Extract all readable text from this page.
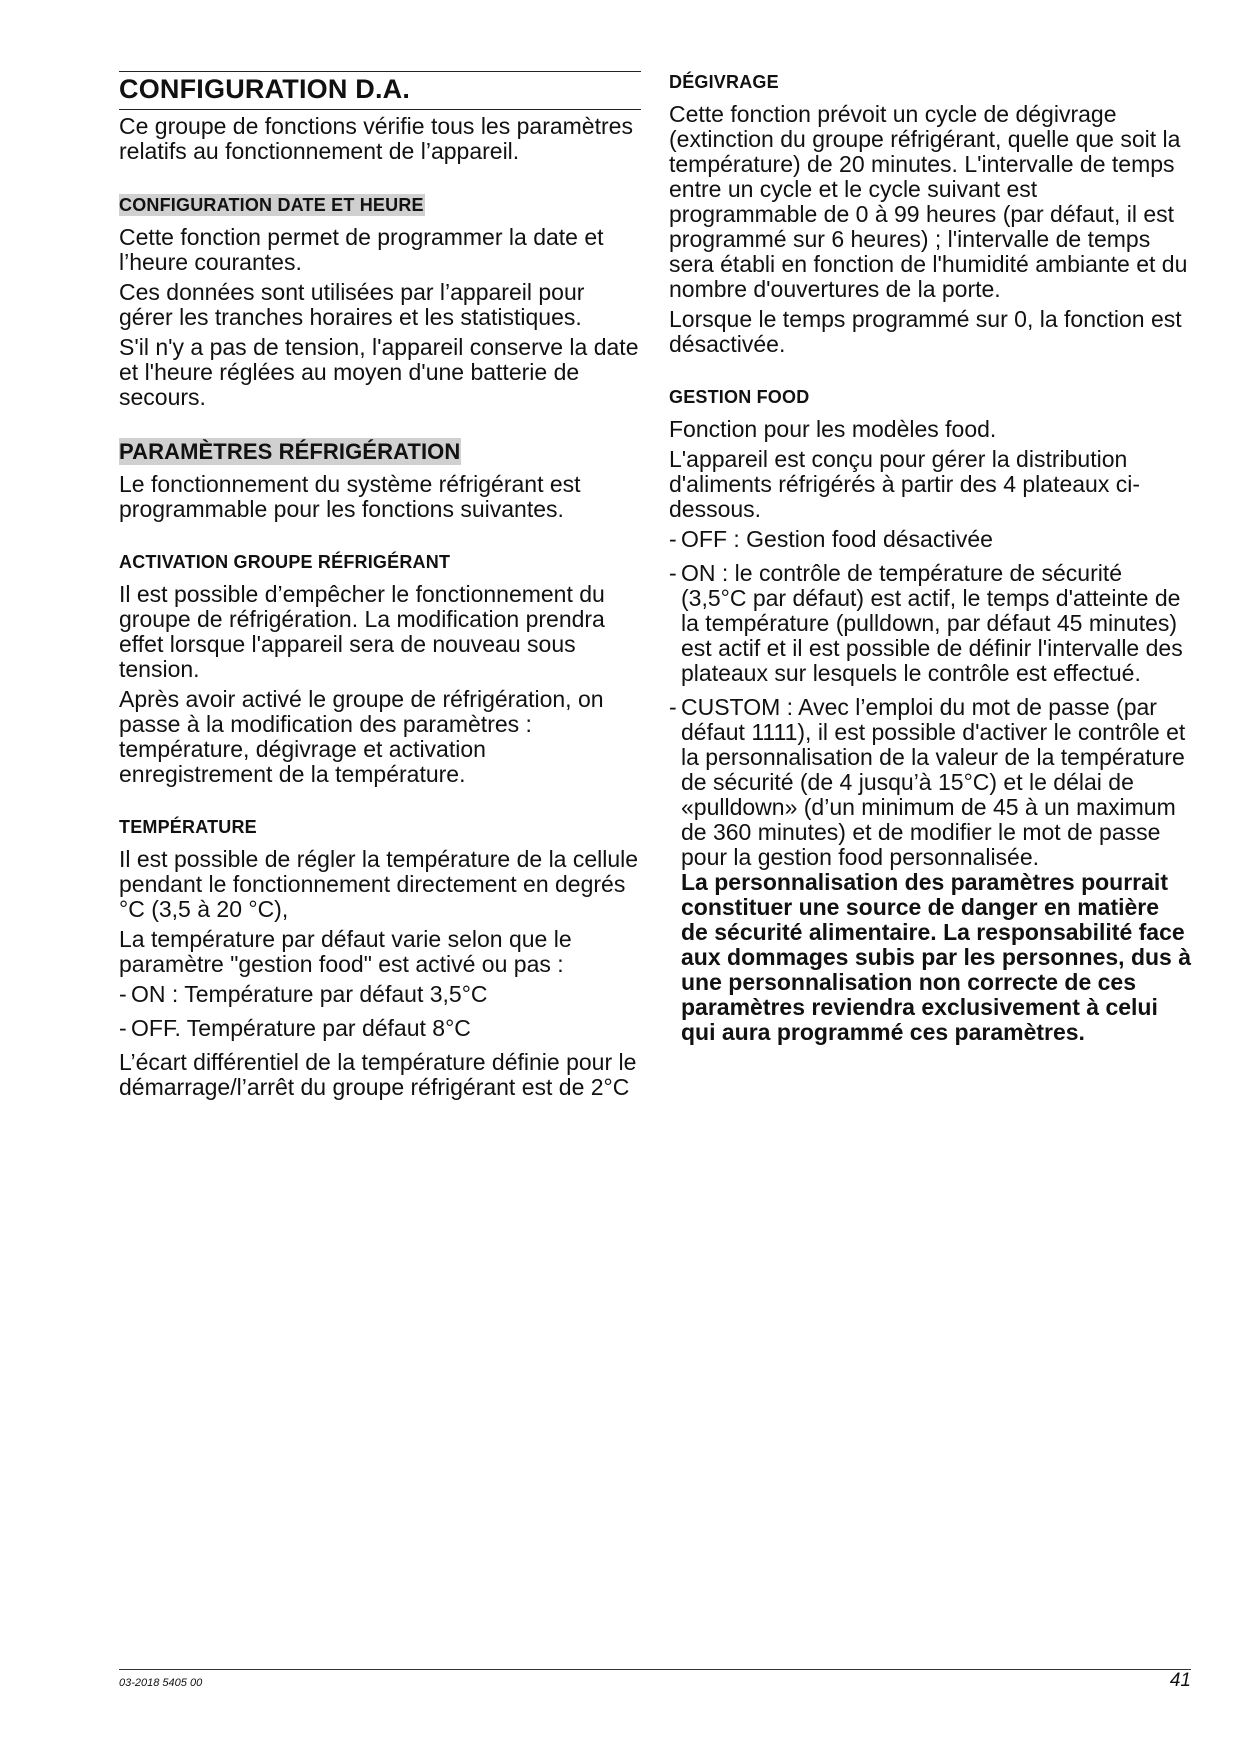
CONFIGURATION D.A.

Ce groupe de fonctions vérifie tous les paramètres relatifs au fonctionnement de l’appareil.

CONFIGURATION DATE ET HEURE

Cette fonction permet de programmer la date et l’heure courantes.

Ces données sont utilisées par l’appareil pour gérer les tranches horaires et les statistiques.

S'il n'y a pas de tension, l'appareil conserve la date et l'heure réglées au moyen d'une batterie de secours.

PARAMÈTRES RÉFRIGÉRATION

Le fonctionnement du système réfrigérant est programmable pour les fonctions suivantes.

ACTIVATION GROUPE RÉFRIGÉRANT

Il est possible d’empêcher le fonctionnement du groupe de réfrigération. La modification prendra effet lorsque l'appareil sera de nouveau sous tension.

Après avoir activé le groupe de réfrigération, on passe à la modification des paramètres : température, dégivrage et activation enregistrement de la température.

TEMPÉRATURE

Il est possible de régler la température de la cellule pendant le fonctionnement directement en degrés °C (3,5 à 20 °C),

La température par défaut varie selon que le paramètre "gestion food" est activé ou pas :

- ON : Température par défaut 3,5°C
- OFF. Température par défaut 8°C

L’écart différentiel de la température définie pour le démarrage/l’arrêt du groupe réfrigérant est de 2°C

DÉGIVRAGE

Cette fonction prévoit un cycle de dégivrage (extinction du groupe réfrigérant, quelle que soit la température) de 20 minutes. L'intervalle de temps entre un cycle et le cycle suivant est programmable de 0 à 99 heures (par défaut, il est programmé sur 6 heures) ; l'intervalle de temps sera établi en fonction de l'humidité ambiante et du nombre d'ouvertures de la porte.

Lorsque le temps programmé sur 0, la fonction est désactivée.

GESTION FOOD

Fonction pour les modèles food.

L'appareil est conçu pour gérer la distribution d'aliments réfrigérés à partir des 4 plateaux ci-dessous.

- OFF : Gestion food désactivée
- ON : le contrôle de température de sécurité (3,5°C par défaut) est actif, le temps d'atteinte de la température (pulldown, par défaut 45 minutes) est actif et il est possible de définir l'intervalle des plateaux sur lesquels le contrôle est effectué.
- CUSTOM : Avec l’emploi du mot de passe (par défaut 1111), il est possible d'activer le contrôle et la personnalisation de la valeur de la température de sécurité (de 4 jusqu’à 15°C) et le délai de «pulldown» (d’un minimum de 45 à un maximum de 360 minutes) et de modifier le mot de passe pour la gestion food personnalisée.

La personnalisation des paramètres pourrait constituer une source de danger en matière de sécurité alimentaire. La responsabilité face aux dommages subis par les personnes, dus à une personnalisation non correcte de ces paramètres reviendra exclusivement à celui qui aura programmé ces paramètres.

03-2018 5405 00	41
